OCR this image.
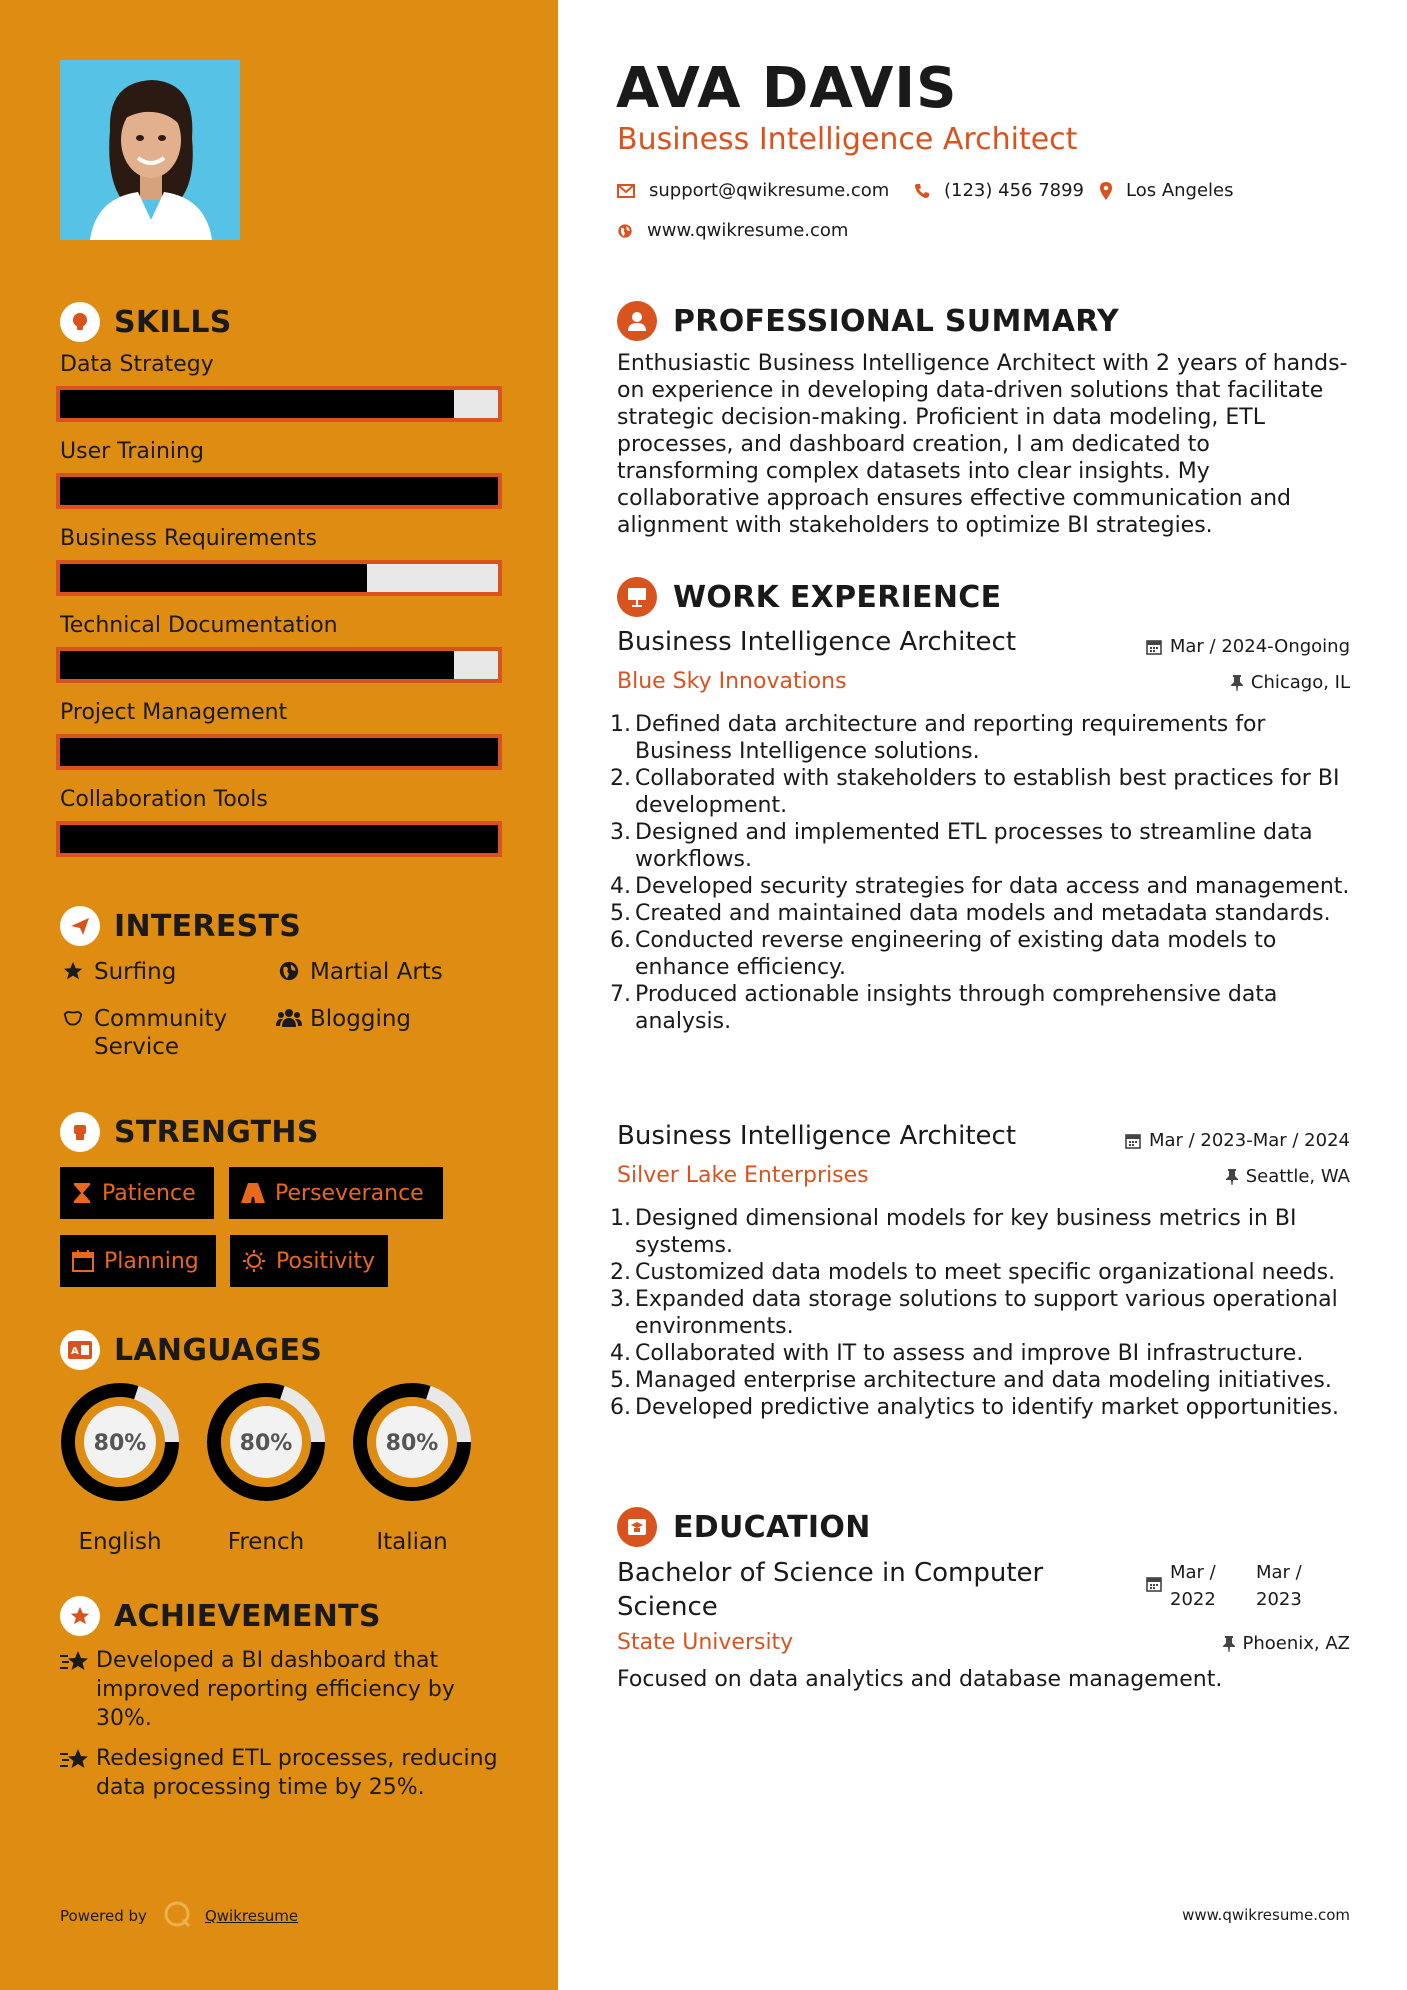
SKILLS
Data Strategy
User Training
Business Requirements
Technical Documentation
Project Management
Collaboration Tools
INTERESTS
Surfing	Martial Arts
Community Service
Blogging
STRENGTHS
Patience	Perseverance
Planning	Positivity
A LANGUAGES
80%
English
80%
French
80%
Italian
ACHIEVEMENTS
Developed a BI dashboard that improved reporting efficiency by 30%.
Redesigned ETL processes, reducing data processing time by 25%.
Powered by	Qwikresume
AVA DAVIS
Business Intelligence Architect
support@qwikresume.com	(123) 456 7899 Los Angeles
www.qwikresume.com
PROFESSIONAL SUMMARY
Enthusiastic Business Intelligence Architect with 2 years of hands-on experience in developing data-driven solutions that facilitate strategic decision-making. Proficient in data modeling, ETL processes, and dashboard creation, I am dedicated to transforming complex datasets into clear insights. My collaborative approach ensures effective communication and alignment with stakeholders to optimize BI strategies.
WORK EXPERIENCE
Business Intelligence Architect	Mar / 2024-Ongoing
Blue Sky Innovations	Chicago, IL
1. Defined data architecture and reporting requirements for Business Intelligence solutions.
2. Collaborated with stakeholders to establish best practices for BI development.
3. Designed and implemented ETL processes to streamline data workflows.
4. Developed security strategies for data access and management.
5. Created and maintained data models and metadata standards.
6. Conducted reverse engineering of existing data models to enhance efficiency.
7. Produced actionable insights through comprehensive data analysis.
Business Intelligence Architect	Mar / 2023-Mar / 2024
Silver Lake Enterprises	Seattle, WA
1. Designed dimensional models for key business metrics in BI systems.
2. Customized data models to meet specific organizational needs.
3. Expanded data storage solutions to support various operational environments.
4. Collaborated with IT to assess and improve BI infrastructure.
5. Managed enterprise architecture and data modeling initiatives.
6. Developed predictive analytics to identify market opportunities.
EDUCATION
Bachelor of Science in Computer Science
Mar /
2022
Mar /
2023
State University	Phoenix, AZ
Focused on data analytics and database management.
www.qwikresume.com
